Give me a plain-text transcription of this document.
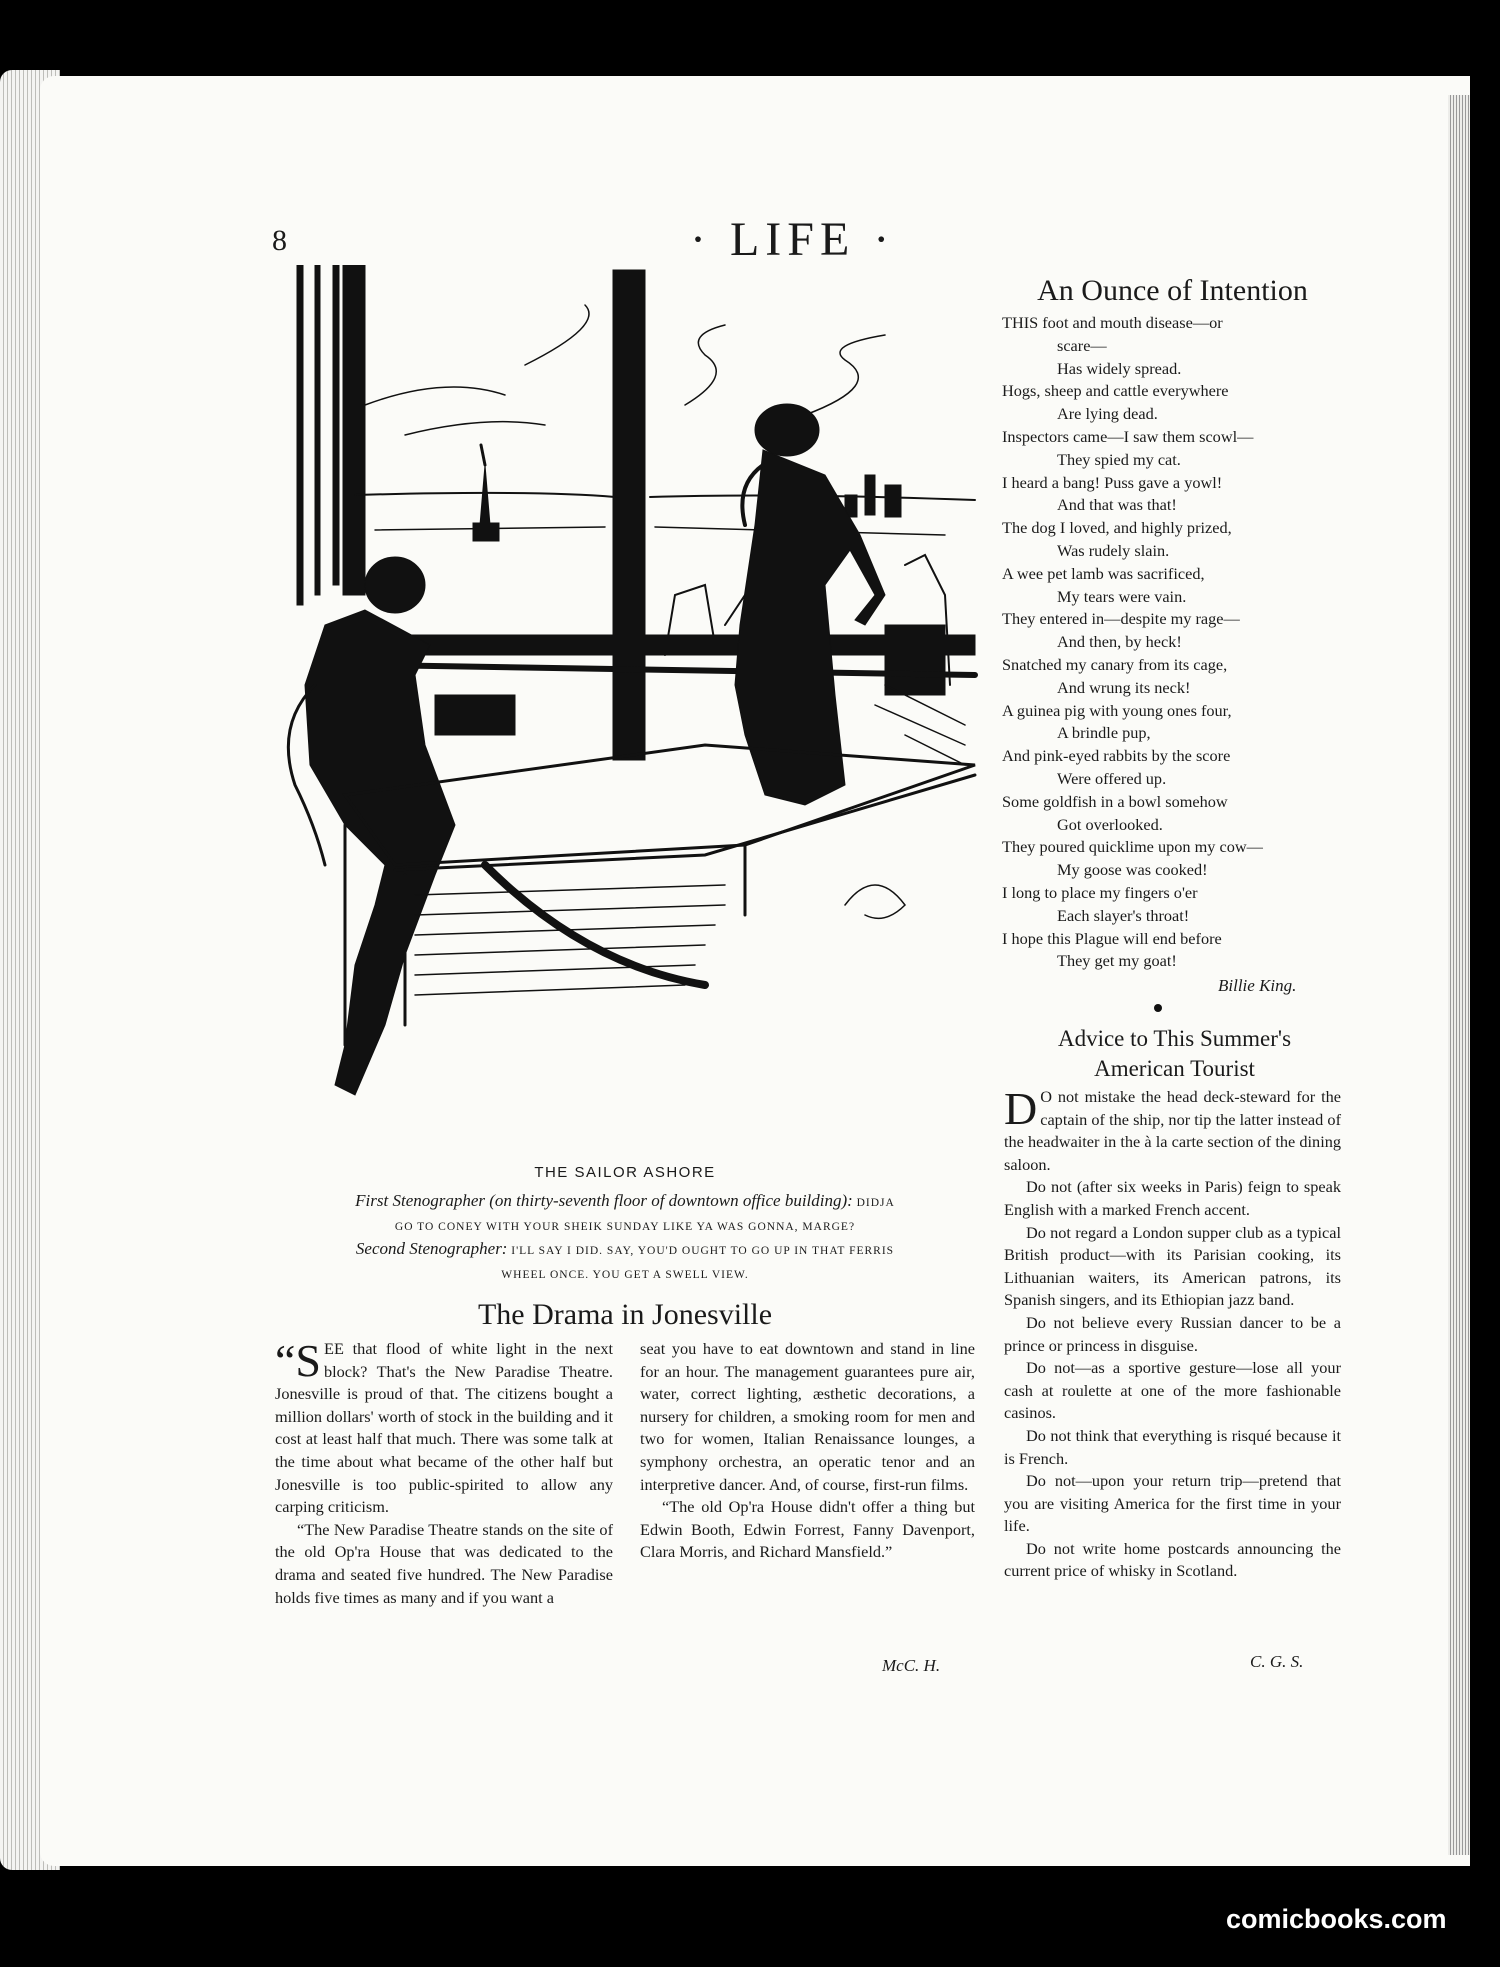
8	· LIFE ·
THE SAILOR ASHORE
First Stenographer (on thirty-seventh floor of downtown office building): DIDJA
GO TO CONEY WITH YOUR SHEIK SUNDAY LIKE YA WAS GONNA, MARGE?
Second Stenographer: I'LL SAY I DID. SAY, YOU'D OUGHT TO GO UP IN THAT FERRIS
WHEEL ONCE. YOU GET A SWELL VIEW.
The Drama in Jonesville

“SEE that flood of white light in the next block? That's the New Paradise Theatre. Jonesville is proud of that. The citizens bought a million dollars' worth of stock in the building and it cost at least half that much. There was some talk at the time about what became of the other half but Jonesville is too public-spirited to allow any carping criticism.

“The New Paradise Theatre stands on the site of the old Op'ra House that was dedicated to the drama and seated five hundred. The New Paradise holds five times as many and if you want a

seat you have to eat downtown and stand in line for an hour. The management guarantees pure air, water, correct lighting, æsthetic decorations, a nursery for children, a smoking room for men and two for women, Italian Renaissance lounges, a symphony orchestra, an operatic tenor and an interpretive dancer. And, of course, first-run films.

“The old Op'ra House didn't offer a thing but Edwin Booth, Edwin Forrest, Fanny Davenport, Clara Morris, and Richard Mansfield.”

McC. H.
An Ounce of Intention
THIS foot and mouth disease—or
scare—
Has widely spread.
Hogs, sheep and cattle everywhere
Are lying dead.
Inspectors came—I saw them scowl—
They spied my cat.
I heard a bang! Puss gave a yowl!
And that was that!
The dog I loved, and highly prized,
Was rudely slain.
A wee pet lamb was sacrificed,
My tears were vain.
They entered in—despite my rage—
And then, by heck!
Snatched my canary from its cage,
And wrung its neck!
A guinea pig with young ones four,
A brindle pup,
And pink-eyed rabbits by the score
Were offered up.
Some goldfish in a bowl somehow
Got overlooked.
They poured quicklime upon my cow—
My goose was cooked!
I long to place my fingers o'er
Each slayer's throat!
I hope this Plague will end before
They get my goat!
Billie King.
Advice to This Summer's
American Tourist

D O not mistake the head deck-steward for the captain of the ship, nor tip the latter instead of the headwaiter in the à la carte section of the dining saloon.

Do not (after six weeks in Paris) feign to speak English with a marked French accent.

Do not regard a London supper club as a typical British product—with its Parisian cooking, its Lithuanian waiters, its American patrons, its Spanish singers, and its Ethiopian jazz band.

Do not believe every Russian dancer to be a prince or princess in disguise.

Do not—as a sportive gesture—lose all your cash at roulette at one of the more fashionable casinos.

Do not think that everything is risqué because it is French.

Do not—upon your return trip—pretend that you are visiting America for the first time in your life.

Do not write home postcards announcing the current price of whisky in Scotland.

C. G. S.
comicbooks.com
